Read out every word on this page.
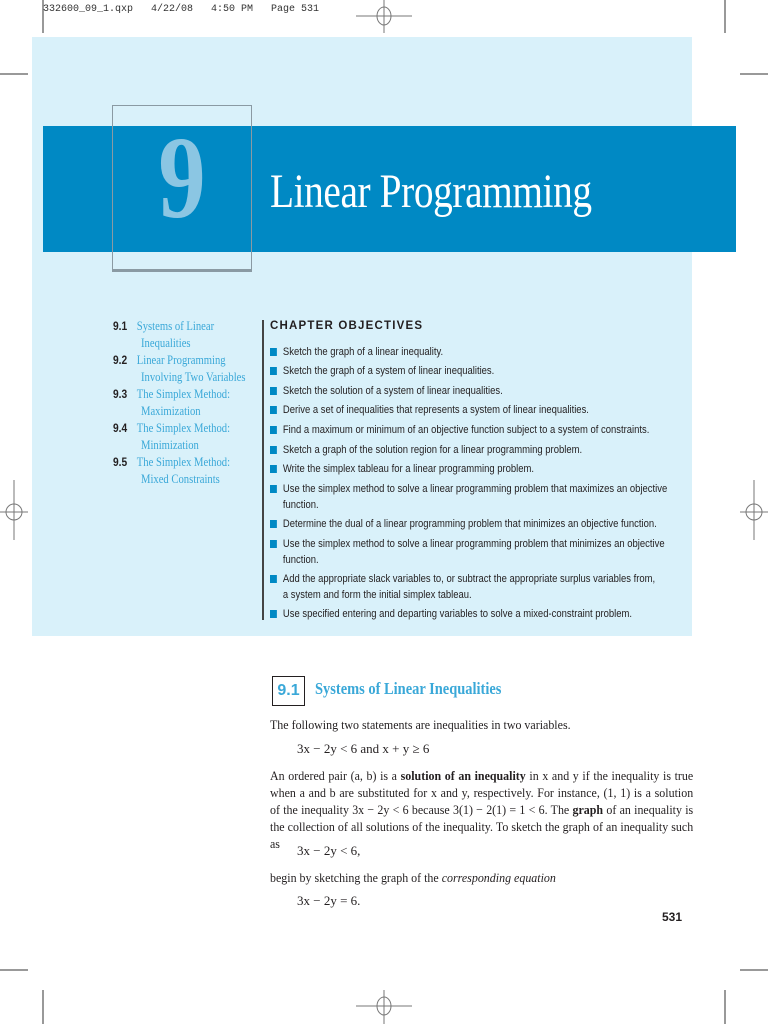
332600_09_1.qxp   4/22/08   4:50 PM   Page 531
9	Linear Programming
9.1 Systems of Linear
Inequalities
9.2 Linear Programming
Involving Two Variables
9.3 The Simplex Method:
Maximization
9.4 The Simplex Method:
Minimization
9.5 The Simplex Method:
Mixed Constraints
CHAPTER OBJECTIVES
Sketch the graph of a linear inequality.
Sketch the graph of a system of linear inequalities.
Sketch the solution of a system of linear inequalities.
Derive a set of inequalities that represents a system of linear inequalities.
Find a maximum or minimum of an objective function subject to a system of constraints.
Sketch a graph of the solution region for a linear programming problem.
Write the simplex tableau for a linear programming problem.
Use the simplex method to solve a linear programming problem that maximizes an objective
function.
Determine the dual of a linear programming problem that minimizes an objective function.
Use the simplex method to solve a linear programming problem that minimizes an objective
function.
Add the appropriate slack variables to, or subtract the appropriate surplus variables from,
a system and form the initial simplex tableau.
Use specified entering and departing variables to solve a mixed-constraint problem.
9.1 Systems of Linear Inequalities
The following two statements are inequalities in two variables.
3x − 2y < 6 and x + y ≥ 6
An ordered pair (a, b) is a solution of an inequality in x and y if the inequality is true when a and b are substituted for x and y, respectively. For instance, (1, 1) is a solution of the inequality 3x − 2y < 6 because 3(1) − 2(1) = 1 < 6. The graph of an inequality is the collection of all solutions of the inequality. To sketch the graph of an inequality such as	3x − 2y < 6,
begin by sketching the graph of the corresponding equation
3x − 2y = 6.
531
